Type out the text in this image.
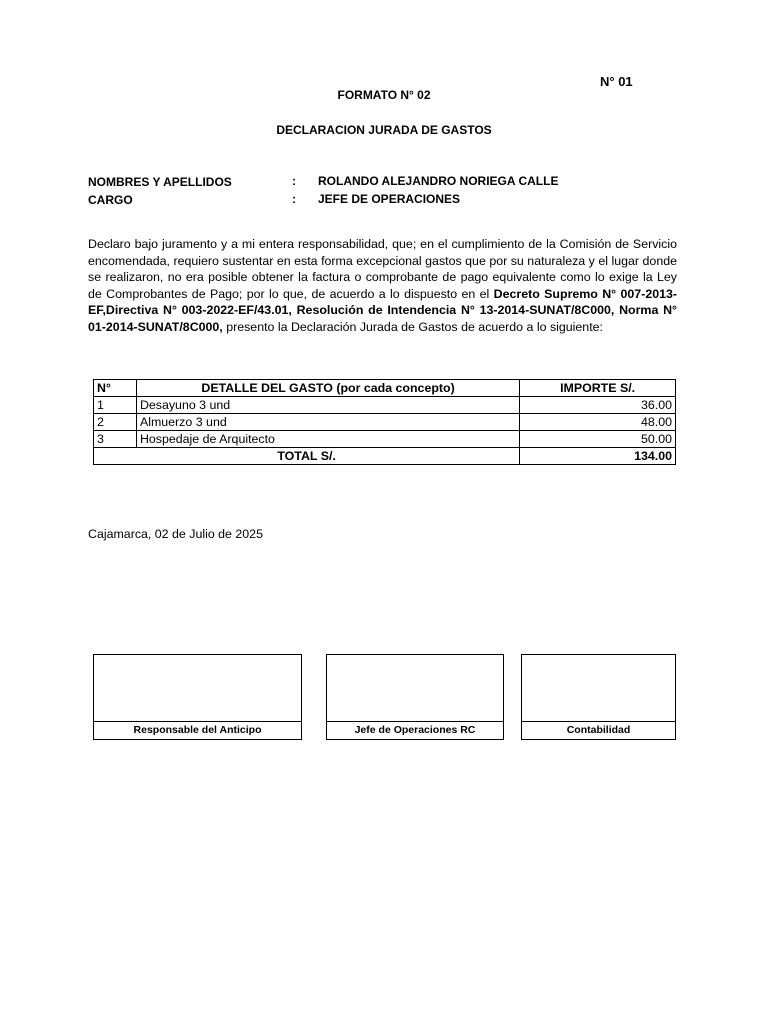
N° 01
FORMATO N° 02
DECLARACION JURADA DE GASTOS
NOMBRES Y APELLIDOS	: ROLANDO ALEJANDRO NORIEGA CALLE
CARGO	: JEFE DE OPERACIONES
Declaro bajo juramento y a mi entera responsabilidad, que; en el cumplimiento de la Comisión de Servicio encomendada, requiero sustentar en esta forma excepcional gastos que por su naturaleza y el lugar donde se realizaron, no era posible obtener la factura o comprobante de pago equivalente como lo exige la Ley de Comprobantes de Pago; por lo que, de acuerdo a lo dispuesto en el Decreto Supremo N° 007-2013-EF,Directiva N° 003-2022-EF/43.01, Resolución de Intendencia N° 13-2014-SUNAT/8C000, Norma N° 01-2014-SUNAT/8C000, presento la Declaración Jurada de Gastos de acuerdo a lo siguiente:
N°	DETALLE DEL GASTO (por cada concepto)	IMPORTE S/.
1	Desayuno 3 und	36.00
2	Almuerzo 3 und	48.00
3	Hospedaje de Arquitecto	50.00
TOTAL S/.		134.00
Cajamarca, 02 de Julio de 2025
Responsable del Anticipo	Jefe de Operaciones RC	Contabilidad
